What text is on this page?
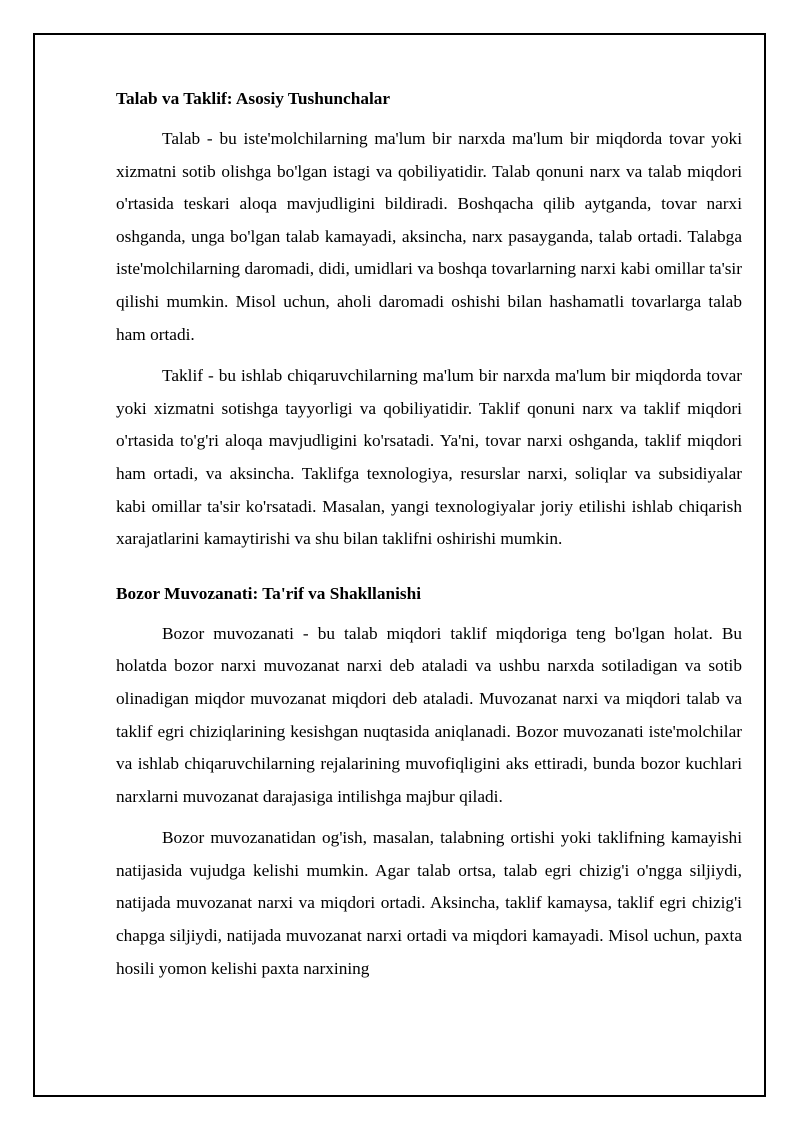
Talab va Taklif: Asosiy Tushunchalar

Talab - bu iste'molchilarning ma'lum bir narxda ma'lum bir miqdorda tovar yoki xizmatni sotib olishga bo'lgan istagi va qobiliyatidir. Talab qonuni narx va talab miqdori o'rtasida teskari aloqa mavjudligini bildiradi. Boshqacha qilib aytganda, tovar narxi oshganda, unga bo'lgan talab kamayadi, aksincha, narx pasayganda, talab ortadi. Talabga iste'molchilarning daromadi, didi, umidlari va boshqa tovarlarning narxi kabi omillar ta'sir qilishi mumkin. Misol uchun, aholi daromadi oshishi bilan hashamatli tovarlarga talab ham ortadi.

Taklif - bu ishlab chiqaruvchilarning ma'lum bir narxda ma'lum bir miqdorda tovar yoki xizmatni sotishga tayyorligi va qobiliyatidir. Taklif qonuni narx va taklif miqdori o'rtasida to'g'ri aloqa mavjudligini ko'rsatadi. Ya'ni, tovar narxi oshganda, taklif miqdori ham ortadi, va aksincha. Taklifga texnologiya, resurslar narxi, soliqlar va subsidiyalar kabi omillar ta'sir ko'rsatadi. Masalan, yangi texnologiyalar joriy etilishi ishlab chiqarish xarajatlarini kamaytirishi va shu bilan taklifni oshirishi mumkin.

Bozor Muvozanati: Ta'rif va Shakllanishi

Bozor muvozanati - bu talab miqdori taklif miqdoriga teng bo'lgan holat. Bu holatda bozor narxi muvozanat narxi deb ataladi va ushbu narxda sotiladigan va sotib olinadigan miqdor muvozanat miqdori deb ataladi. Muvozanat narxi va miqdori talab va taklif egri chiziqlarining kesishgan nuqtasida aniqlanadi. Bozor muvozanati iste'molchilar va ishlab chiqaruvchilarning rejalarining muvofiqligini aks ettiradi, bunda bozor kuchlari narxlarni muvozanat darajasiga intilishga majbur qiladi.

Bozor muvozanatidan og'ish, masalan, talabning ortishi yoki taklifning kamayishi natijasida vujudga kelishi mumkin. Agar talab ortsa, talab egri chizig'i o'ngga siljiydi, natijada muvozanat narxi va miqdori ortadi. Aksincha, taklif kamaysa, taklif egri chizig'i chapga siljiydi, natijada muvozanat narxi ortadi va miqdori kamayadi. Misol uchun, paxta hosili yomon kelishi paxta narxining
